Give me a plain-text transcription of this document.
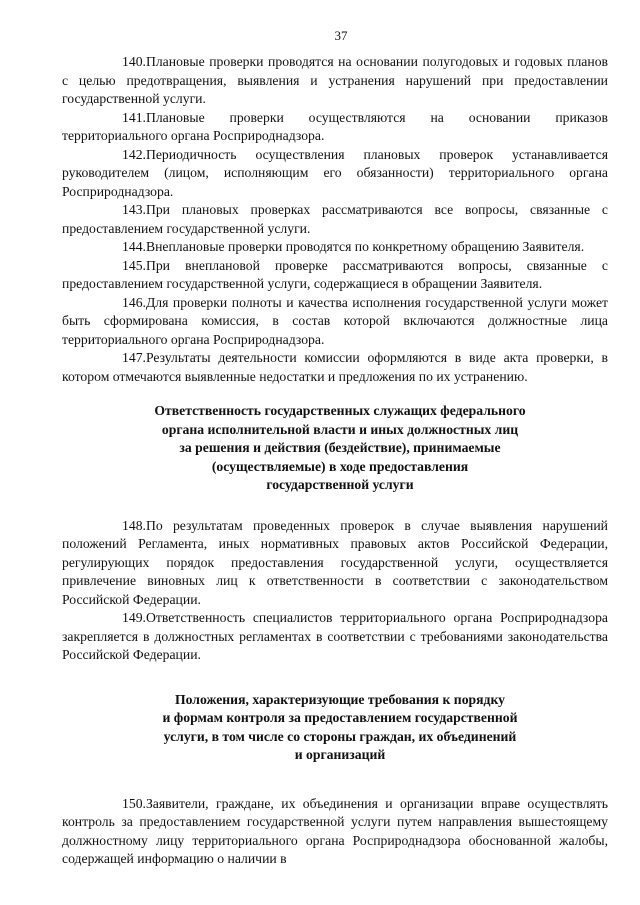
37

140.Плановые проверки проводятся на основании полугодовых и годовых планов с целью предотвращения, выявления и устранения нарушений при предоставлении государственной услуги.

141.Плановые проверки осуществляются на основании приказов территориального органа Росприроднадзора.

142.Периодичность осуществления плановых проверок устанавливается руководителем (лицом, исполняющим его обязанности) территориального органа Росприроднадзора.

143.При плановых проверках рассматриваются все вопросы, связанные с предоставлением государственной услуги.

144.Внеплановые проверки проводятся по конкретному обращению Заявителя.

145.При внеплановой проверке рассматриваются вопросы, связанные с предоставлением государственной услуги, содержащиеся в обращении Заявителя.

146.Для проверки полноты и качества исполнения государственной услуги может быть сформирована комиссия, в состав которой включаются должностные лица территориального органа Росприроднадзора.

147.Результаты деятельности комиссии оформляются в виде акта проверки, в котором отмечаются выявленные недостатки и предложения по их устранению.

Ответственность государственных служащих федерального
органа исполнительной власти и иных должностных лиц
за решения и действия (бездействие), принимаемые
(осуществляемые) в ходе предоставления
государственной услуги

148.По результатам проведенных проверок в случае выявления нарушений положений Регламента, иных нормативных правовых актов Российской Федерации, регулирующих порядок предоставления государственной услуги, осуществляется привлечение виновных лиц к ответственности в соответствии с законодательством Российской Федерации.

149.Ответственность специалистов территориального органа Росприроднадзора закрепляется в должностных регламентах в соответствии с требованиями законодательства Российской Федерации.

Положения, характеризующие требования к порядку
и формам контроля за предоставлением государственной
услуги, в том числе со стороны граждан, их объединений
и организаций

150.Заявители, граждане, их объединения и организации вправе осуществлять контроль за предоставлением государственной услуги путем направления вышестоящему должностному лицу территориального органа Росприроднадзора обоснованной жалобы, содержащей информацию о наличии в
